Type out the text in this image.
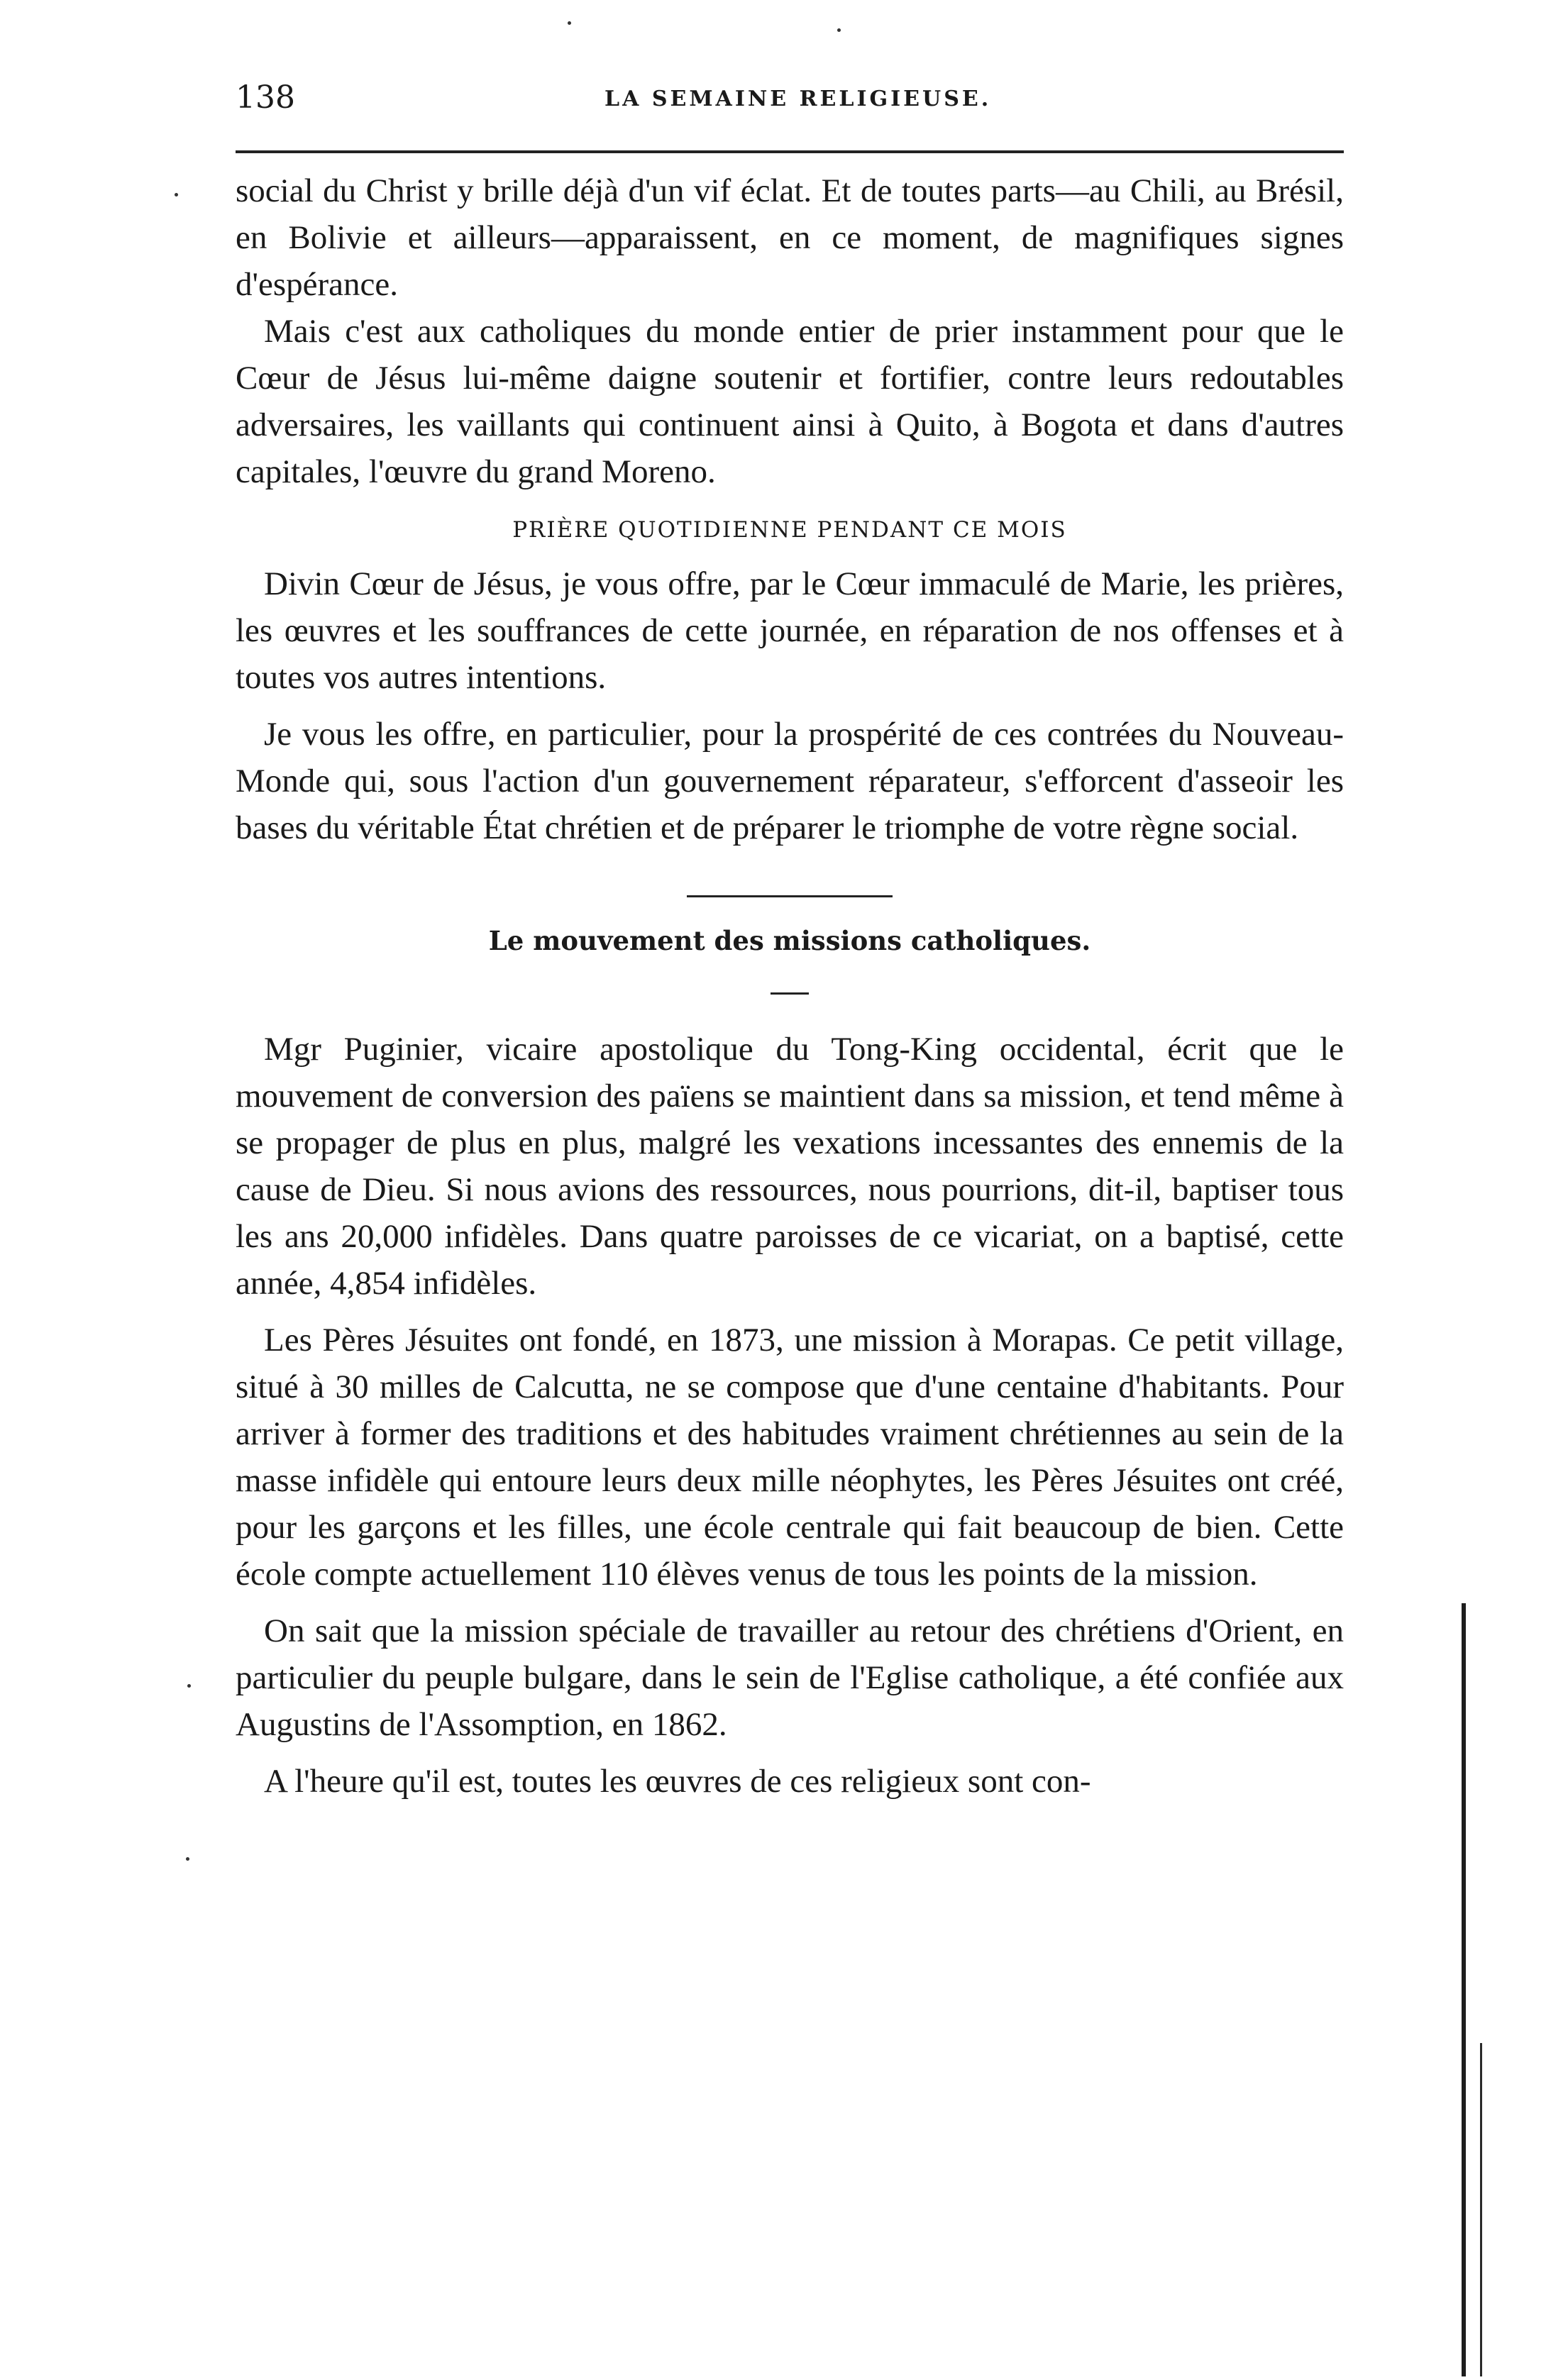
138	LA SEMAINE RELIGIEUSE.

social du Christ y brille déjà d'un vif éclat. Et de toutes parts—au Chili, au Brésil, en Bolivie et ailleurs—apparaissent, en ce moment, de magnifiques signes d'espérance.

Mais c'est aux catholiques du monde entier de prier instamment pour que le Cœur de Jésus lui-même daigne soutenir et fortifier, contre leurs redoutables adversaires, les vaillants qui continuent ainsi à Quito, à Bogota et dans d'autres capitales, l'œuvre du grand Moreno.

PRIÈRE QUOTIDIENNE PENDANT CE MOIS

Divin Cœur de Jésus, je vous offre, par le Cœur immaculé de Marie, les prières, les œuvres et les souffrances de cette journée, en réparation de nos offenses et à toutes vos autres intentions.

Je vous les offre, en particulier, pour la prospérité de ces contrées du Nouveau-Monde qui, sous l'action d'un gouvernement réparateur, s'efforcent d'asseoir les bases du véritable État chrétien et de préparer le triomphe de votre règne social.

Le mouvement des missions catholiques.

Mgr Puginier, vicaire apostolique du Tong-King occidental, écrit que le mouvement de conversion des païens se maintient dans sa mission, et tend même à se propager de plus en plus, malgré les vexations incessantes des ennemis de la cause de Dieu. Si nous avions des ressources, nous pourrions, dit-il, baptiser tous les ans 20,000 infidèles. Dans quatre paroisses de ce vicariat, on a baptisé, cette année, 4,854 infidèles.

Les Pères Jésuites ont fondé, en 1873, une mission à Morapas. Ce petit village, situé à 30 milles de Calcutta, ne se compose que d'une centaine d'habitants. Pour arriver à former des traditions et des habitudes vraiment chrétiennes au sein de la masse infidèle qui entoure leurs deux mille néophytes, les Pères Jésuites ont créé, pour les garçons et les filles, une école centrale qui fait beaucoup de bien. Cette école compte actuellement 110 élèves venus de tous les points de la mission.

On sait que la mission spéciale de travailler au retour des chrétiens d'Orient, en particulier du peuple bulgare, dans le sein de l'Eglise catholique, a été confiée aux Augustins de l'Assomption, en 1862.

A l'heure qu'il est, toutes les œuvres de ces religieux sont con-
